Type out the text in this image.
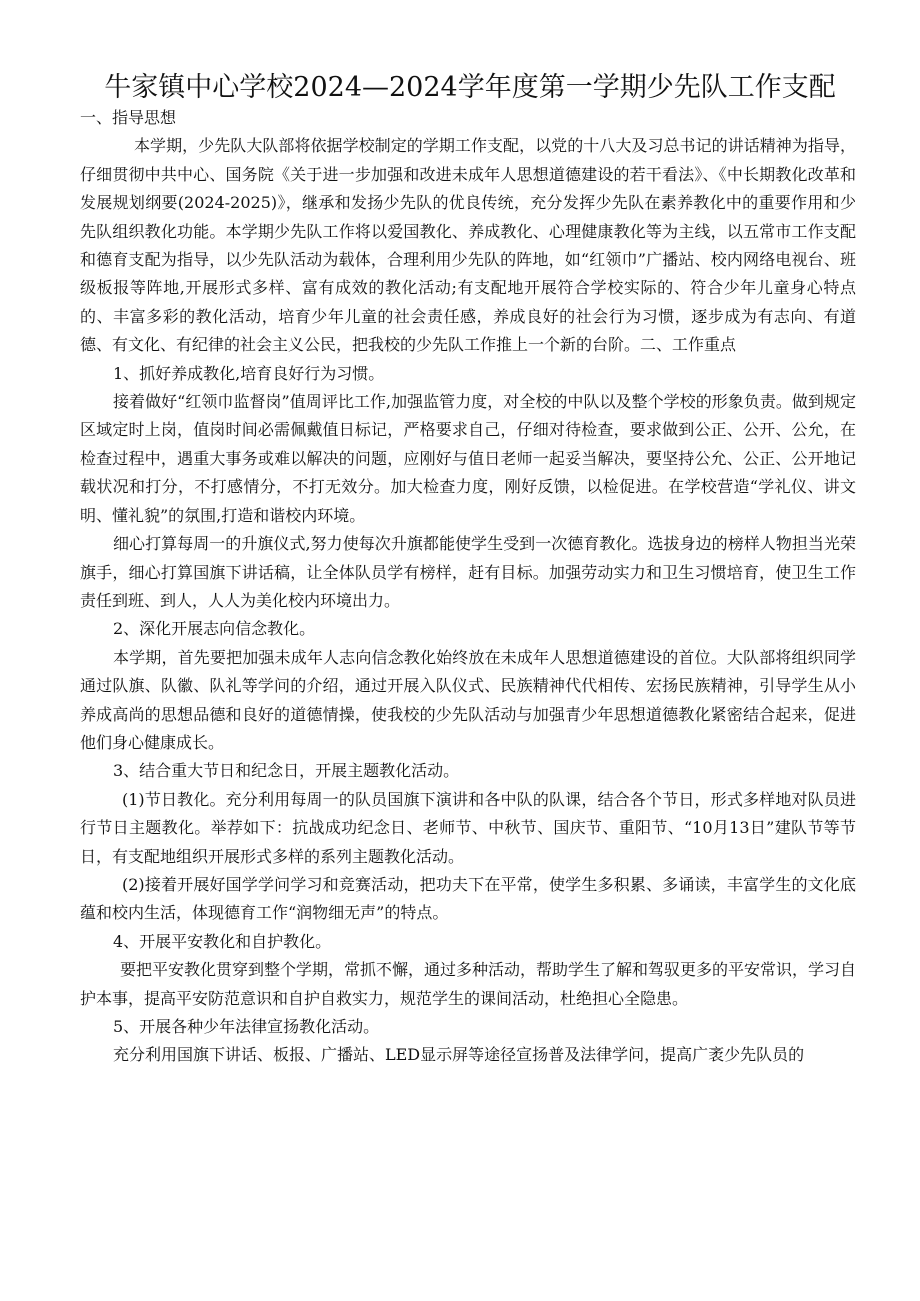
牛家镇中心学校2024—2024学年度第一学期少先队工作支配

一、指导思想

本学期，少先队大队部将依据学校制定的学期工作支配，以党的十八大及习总书记的讲话精神为指导，仔细贯彻中共中心、国务院《关于进一步加强和改进未成年人思想道德建设的若干看法》、《中长期教化改革和发展规划纲要(2024-2025)》，继承和发扬少先队的优良传统，充分发挥少先队在素养教化中的重要作用和少先队组织教化功能。本学期少先队工作将以爱国教化、养成教化、心理健康教化等为主线，以五常市工作支配和德育支配为指导，以少先队活动为载体，合理利用少先队的阵地，如“红领巾”广播站、校内网络电视台、班级板报等阵地,开展形式多样、富有成效的教化活动;有支配地开展符合学校实际的、符合少年儿童身心特点的、丰富多彩的教化活动，培育少年儿童的社会责任感，养成良好的社会行为习惯，逐步成为有志向、有道德、有文化、有纪律的社会主义公民，把我校的少先队工作推上一个新的台阶。二、工作重点

1、抓好养成教化,培育良好行为习惯。

接着做好“红领巾监督岗”值周评比工作,加强监管力度，对全校的中队以及整个学校的形象负责。做到规定区域定时上岗，值岗时间必需佩戴值日标记，严格要求自己，仔细对待检查，要求做到公正、公开、公允，在检查过程中，遇重大事务或难以解决的问题，应刚好与值日老师一起妥当解决，要坚持公允、公正、公开地记载状况和打分，不打感情分，不打无效分。加大检查力度，刚好反馈，以检促进。在学校营造“学礼仪、讲文明、懂礼貌”的氛围,打造和谐校内环境。

细心打算每周一的升旗仪式,努力使每次升旗都能使学生受到一次德育教化。选拔身边的榜样人物担当光荣旗手，细心打算国旗下讲话稿，让全体队员学有榜样，赶有目标。加强劳动实力和卫生习惯培育，使卫生工作责任到班、到人，人人为美化校内环境出力。

2、深化开展志向信念教化。

本学期，首先要把加强未成年人志向信念教化始终放在未成年人思想道德建设的首位。大队部将组织同学通过队旗、队徽、队礼等学问的介绍，通过开展入队仪式、民族精神代代相传、宏扬民族精神，引导学生从小养成高尚的思想品德和良好的道德情操，使我校的少先队活动与加强青少年思想道德教化紧密结合起来，促进他们身心健康成长。

3、结合重大节日和纪念日，开展主题教化活动。

(1)节日教化。充分利用每周一的队员国旗下演讲和各中队的队课，结合各个节日，形式多样地对队员进行节日主题教化。举荐如下：抗战成功纪念日、老师节、中秋节、国庆节、重阳节、“10月13日”建队节等节日，有支配地组织开展形式多样的系列主题教化活动。

(2)接着开展好国学学问学习和竞赛活动，把功夫下在平常，使学生多积累、多诵读，丰富学生的文化底蕴和校内生活，体现德育工作“润物细无声”的特点。

4、开展平安教化和自护教化。

要把平安教化贯穿到整个学期，常抓不懈，通过多种活动，帮助学生了解和驾驭更多的平安常识，学习自护本事，提高平安防范意识和自护自救实力，规范学生的课间活动，杜绝担心全隐患。

5、开展各种少年法律宣扬教化活动。

充分利用国旗下讲话、板报、广播站、LED显示屏等途径宣扬普及法律学问，提高广袤少先队员的
